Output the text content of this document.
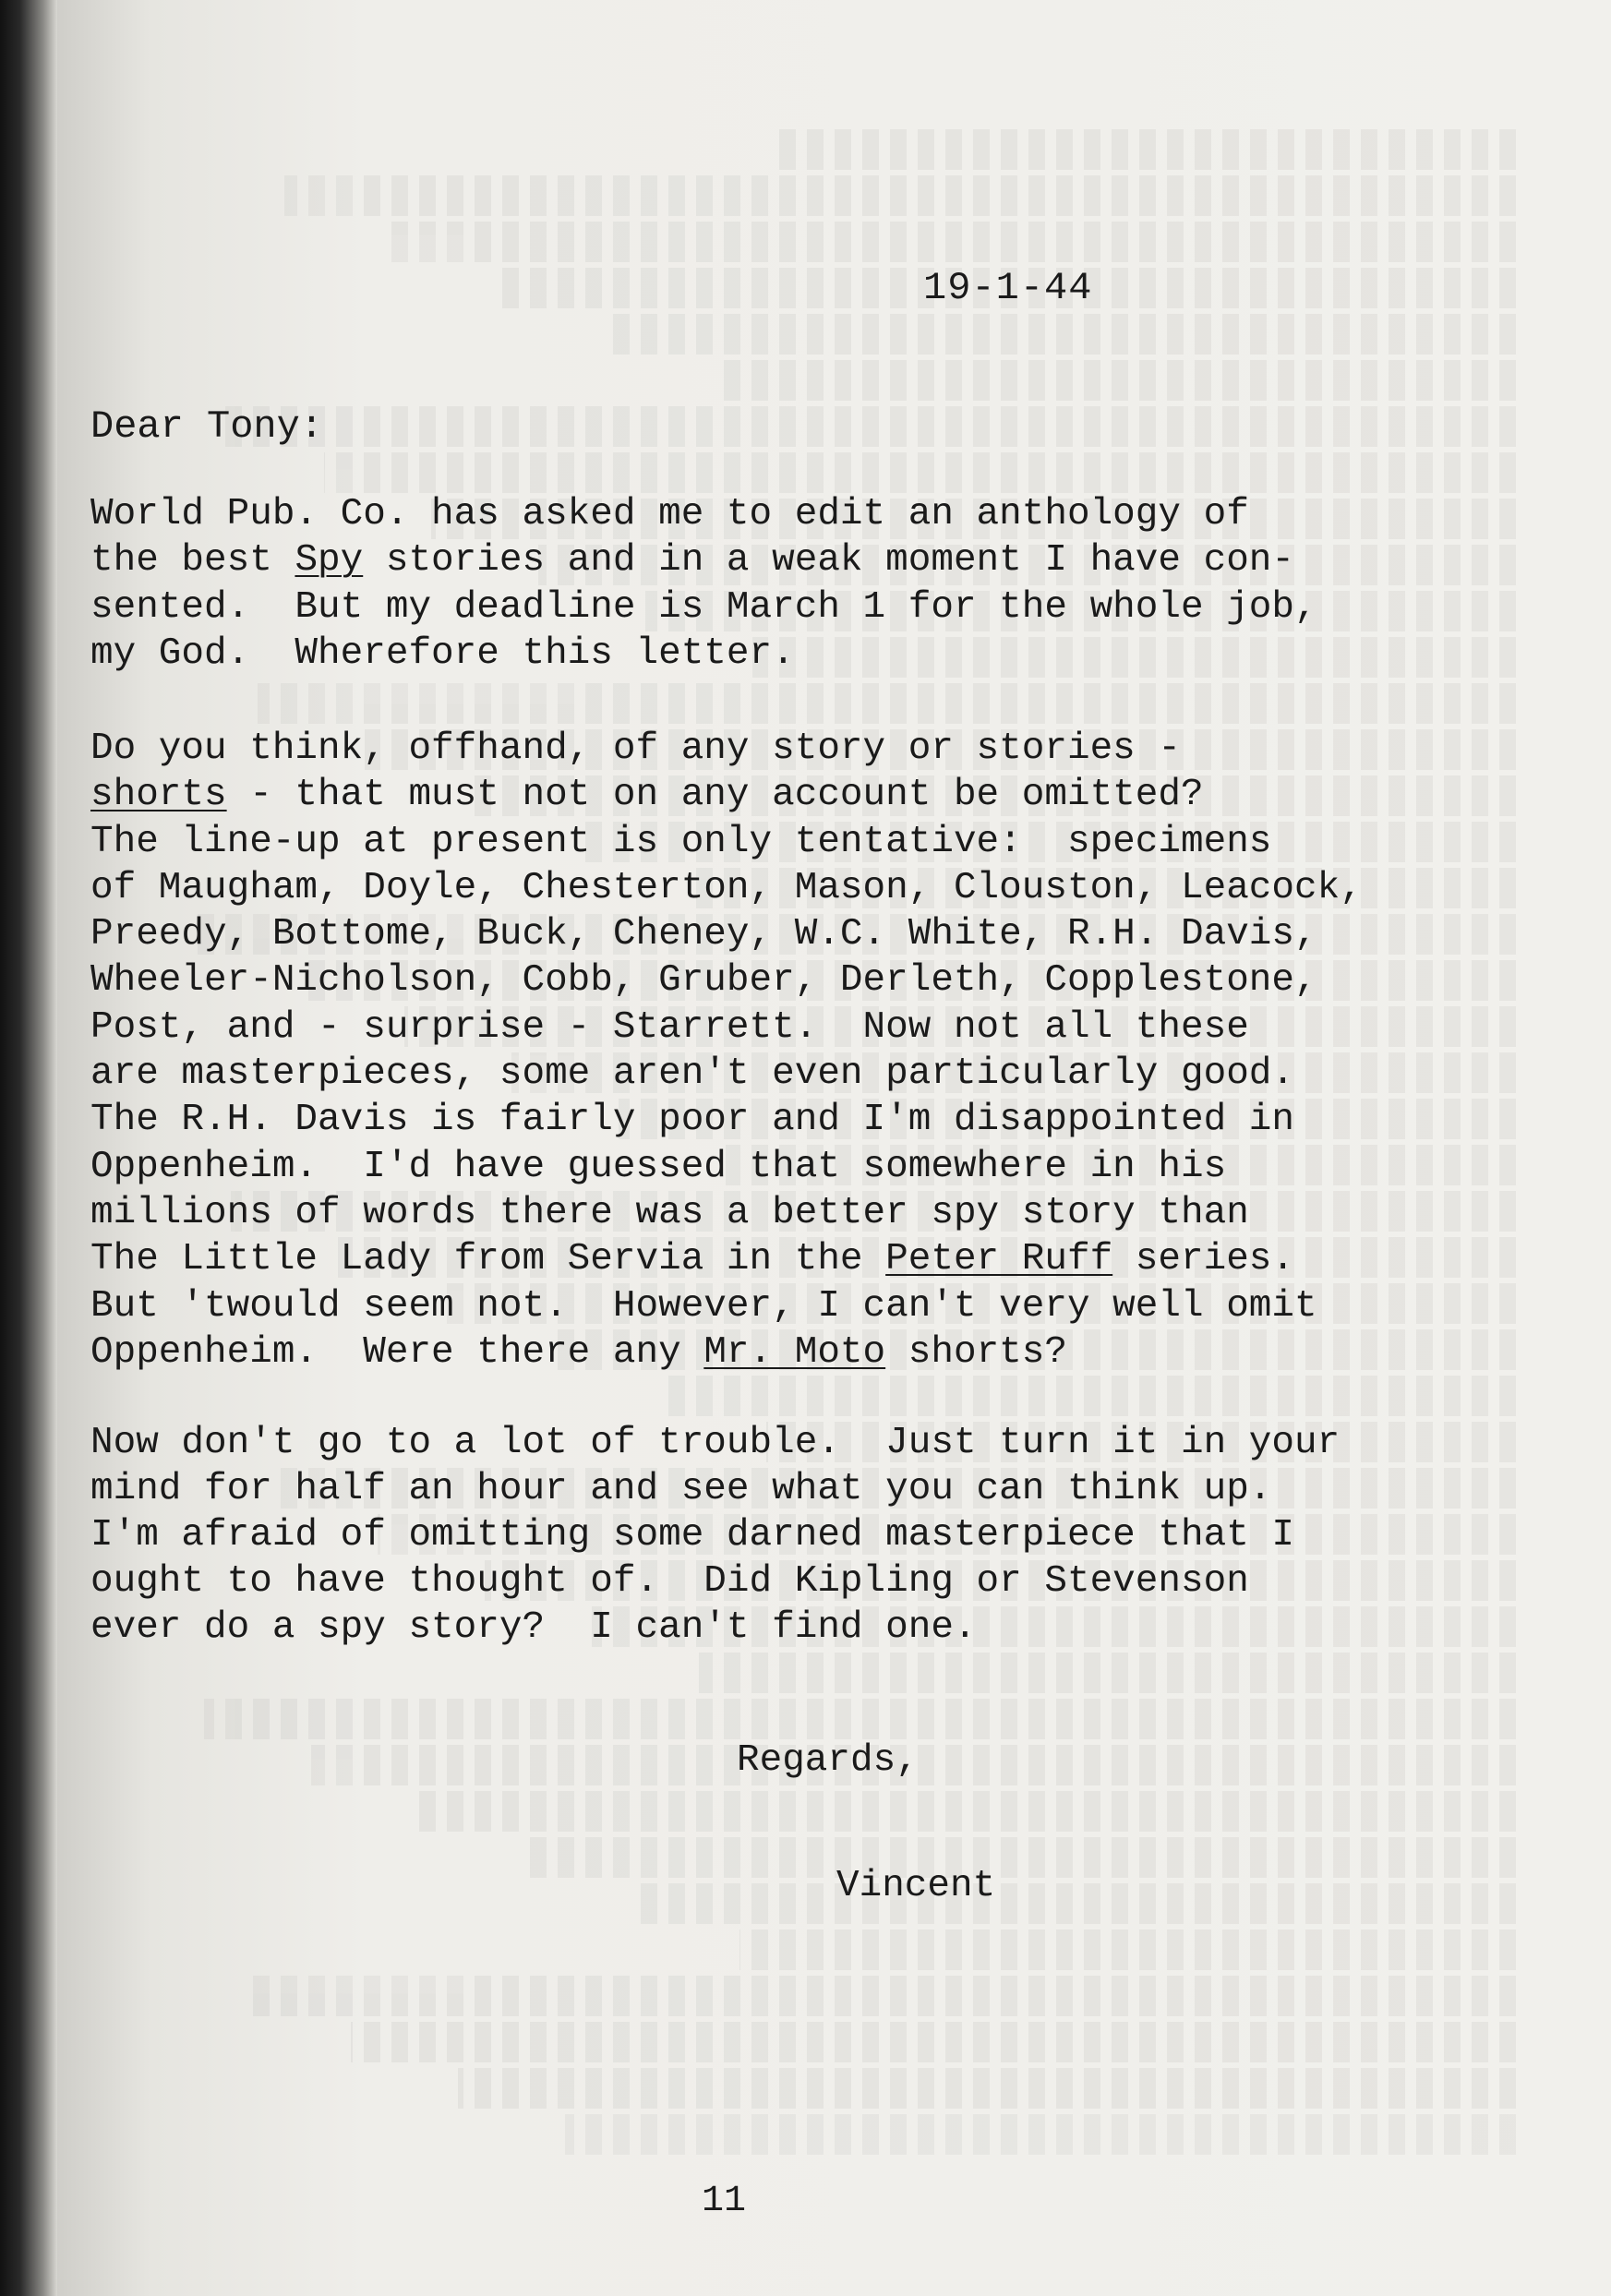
19-1-44
Dear Tony:
World Pub. Co. has asked me to edit an anthology of
the best Spy stories and in a weak moment I have con-
sented.  But my deadline is March 1 for the whole job,
my God.  Wherefore this letter.
Do you think, offhand, of any story or stories -
shorts - that must not on any account be omitted?
The line-up at present is only tentative:  specimens
of Maugham, Doyle, Chesterton, Mason, Clouston, Leacock,
Preedy, Bottome, Buck, Cheney, W.C. White, R.H. Davis,
Wheeler-Nicholson, Cobb, Gruber, Derleth, Copplestone,
Post, and - surprise - Starrett.  Now not all these
are masterpieces, some aren't even particularly good.
The R.H. Davis is fairly poor and I'm disappointed in
Oppenheim.  I'd have guessed that somewhere in his
millions of words there was a better spy story than
The Little Lady from Servia in the Peter Ruff series.
But 'twould seem not.  However, I can't very well omit
Oppenheim.  Were there any Mr. Moto shorts?
Now don't go to a lot of trouble.  Just turn it in your
mind for half an hour and see what you can think up.
I'm afraid of omitting some darned masterpiece that I
ought to have thought of.  Did Kipling or Stevenson
ever do a spy story?  I can't find one.
Regards,
Vincent
11
